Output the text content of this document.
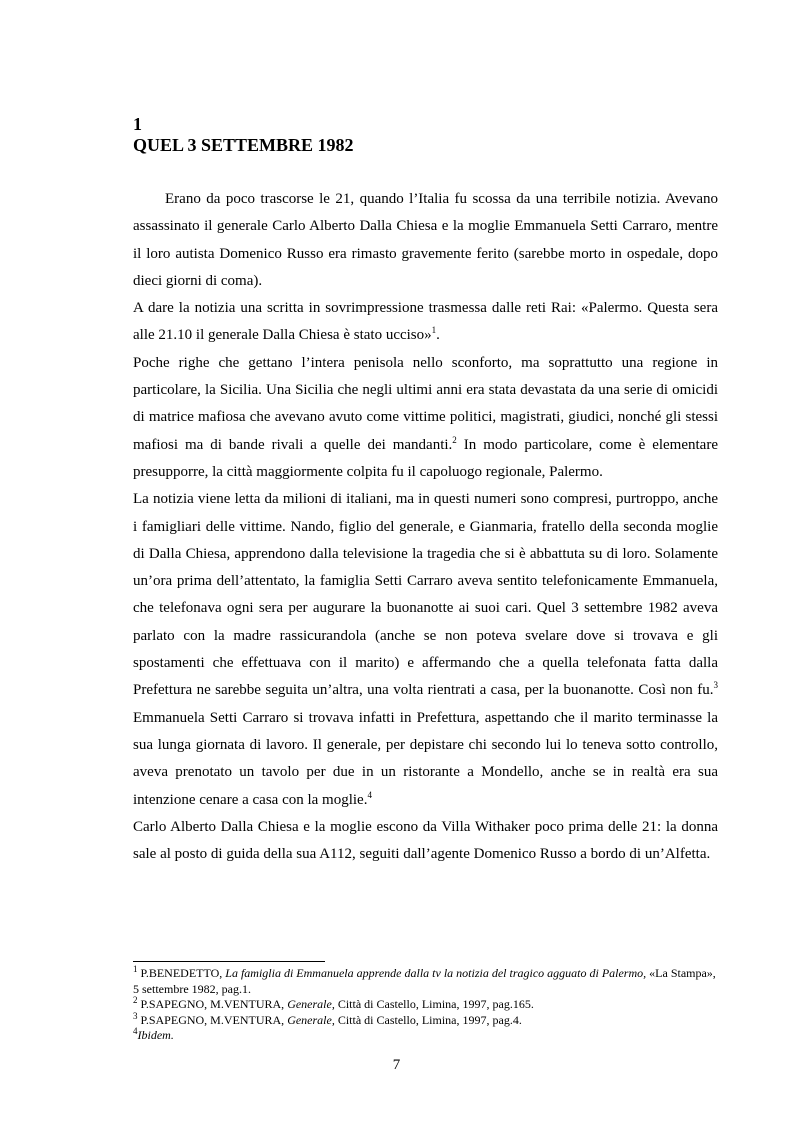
1
QUEL 3 SETTEMBRE 1982

Erano da poco trascorse le 21, quando l’Italia fu scossa da una terribile notizia. Avevano assassinato il generale Carlo Alberto Dalla Chiesa e la moglie Emmanuela Setti Carraro, mentre il loro autista Domenico Russo era rimasto gravemente ferito (sarebbe morto in ospedale, dopo dieci giorni di coma).

A dare la notizia una scritta in sovrimpressione trasmessa dalle reti Rai: «Palermo. Questa sera alle 21.10 il generale Dalla Chiesa è stato ucciso»$^1$.

Poche righe che gettano l’intera penisola nello sconforto, ma soprattutto una regione in particolare, la Sicilia. Una Sicilia che negli ultimi anni era stata devastata da una serie di omicidi di matrice mafiosa che avevano avuto come vittime politici, magistrati, giudici, nonché gli stessi mafiosi ma di bande rivali a quelle dei mandanti.$^2$ In modo particolare, come è elementare presupporre, la città maggiormente colpita fu il capoluogo regionale, Palermo.

La notizia viene letta da milioni di italiani, ma in questi numeri sono compresi, purtroppo, anche i famigliari delle vittime. Nando, figlio del generale, e Gianmaria, fratello della seconda moglie di Dalla Chiesa, apprendono dalla televisione la tragedia che si è abbattuta su di loro. Solamente un’ora prima dell’attentato, la famiglia Setti Carraro aveva sentito telefonicamente Emmanuela, che telefonava ogni sera per augurare la buonanotte ai suoi cari. Quel 3 settembre 1982 aveva parlato con la madre rassicurandola (anche se non poteva svelare dove si trovava e gli spostamenti che effettuava con il marito) e affermando che a quella telefonata fatta dalla Prefettura ne sarebbe seguita un’altra, una volta rientrati a casa, per la buonanotte. Così non fu.$^3$ Emmanuela Setti Carraro si trovava infatti in Prefettura, aspettando che il marito terminasse la sua lunga giornata di lavoro. Il generale, per depistare chi secondo lui lo teneva sotto controllo, aveva prenotato un tavolo per due in un ristorante a Mondello, anche se in realtà era sua intenzione cenare a casa con la moglie.$^4$

Carlo Alberto Dalla Chiesa e la moglie escono da Villa Withaker poco prima delle 21: la donna sale al posto di guida della sua A112, seguiti dall’agente Domenico Russo a bordo di un’Alfetta.

$^1$ P.BENEDETTO, La famiglia di Emmanuela apprende dalla tv la notizia del tragico agguato di Palermo, «La Stampa», 5 settembre 1982, pag.1.

$^2$ P.SAPEGNO, M.VENTURA, Generale, Città di Castello, Limina, 1997, pag.165.

$^3$ P.SAPEGNO, M.VENTURA, Generale, Città di Castello, Limina, 1997, pag.4.

$^4$Ibidem.

7
